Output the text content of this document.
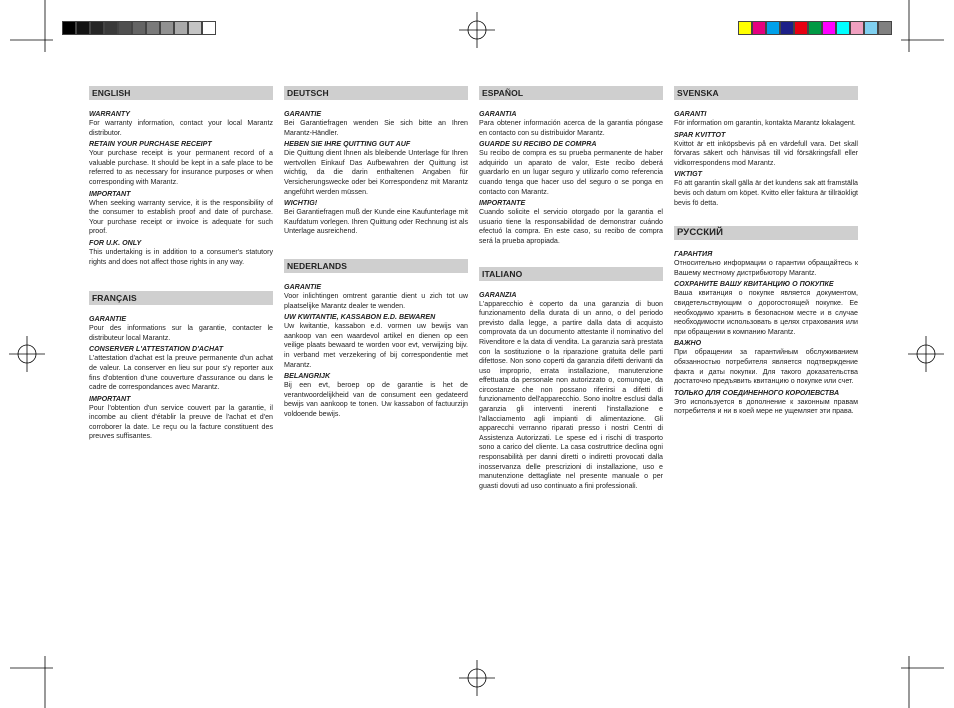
ENGLISH
WARRANTY
For warranty information, contact your local Marantz distributor.
RETAIN YOUR PURCHASE RECEIPT
Your purchase receipt is your permanent record of a valuable purchase. It should be kept in a safe place to be referred to as necessary for insurance purposes or when corresponding with Marantz.
IMPORTANT
When seeking warranty service, it is the responsibility of the consumer to establish proof and date of purchase. Your purchase receipt or invoice is adequate for such proof.
FOR U.K. ONLY
This undertaking is in addition to a consumer's statutory rights and does not affect those rights in any way.
FRANÇAIS
GARANTIE
Pour des informations sur la garantie, contacter le distributeur local Marantz.
CONSERVER L'ATTESTATION D'ACHAT
L'attestation d'achat est la preuve permanente d'un achat de valeur. La conserver en lieu sur pour s'y reporter aux fins d'obtention d'une couverture d'assurance ou dans le cadre de correspondances avec Marantz.
IMPORTANT
Pour l'obtention d'un service couvert par la garantie, il incombe au client d'établir la preuve de l'achat et d'en corroborer la date. Le reçu ou la facture constituent des preuves suffisantes.
DEUTSCH
GARANTIE
Bei Garantiefragen wenden Sie sich bitte an Ihren Marantz-Händler.
HEBEN SIE IHRE QUITTING GUT AUF
Die Quittung dient Ihnen als bleibende Unterlage für Ihren wertvollen Einkauf Das Aufbewahren der Quittung ist wichtig, da die darin enthaltenen Angaben für Versicherungswecke oder bei Korrespondenz mit Marantz angeführt werden müssen.
WICHTIG!
Bei Garantiefragen muß der Kunde eine Kaufunterlage mit Kaufdatum vorlegen. Ihren Quittung oder Rechnung ist als Unterlage ausreichend.
NEDERLANDS
GARANTIE
Voor inlichtingen omtrent garantie dient u zich tot uw plaatselijke Marantz dealer te wenden.
UW KWITANTIE, KASSABON E.D. BEWAREN
Uw kwitantie, kassabon e.d. vormen uw bewijs van aankoop van een waardevol artikel en dienen op een veilige plaats bewaard te worden voor evt, verwijzing bijv. in verband met verzekering of bij correspondentie met Marantz.
BELANGRIJK
Bij een evt, beroep op de garantie is het de verantwoordelijkheid van de consument een gedateerd bewijs van aankoop te tonen. Uw kassabon of factuurzijn voldoende bewijs.
ESPAÑOL
GARANTIA
Para obtener información acerca de la garantia póngase en contacto con su distribuidor Marantz.
GUARDE SU RECIBO DE COMPRA
Su recibo de compra es su prueba permanente de haber adquirido un aparato de valor, Este recibo deberá guardarlo en un lugar seguro y utilizarlo como referencia cuando tenga que hacer uso del seguro o se ponga en contacto con Marantz.
IMPORTANTE
Cuando solicite el servicio otorgado por la garantia el usuario tiene la responsabilidad de demonstrar cuándo efectuó la compra. En este caso, su recibo de compra será la prueba apropiada.
ITALIANO
GARANZIA
L'apparecchio è coperto da una garanzia di buon funzionamento della durata di un anno, o del periodo previsto dalla legge, a partire dalla data di acquisto comprovata da un documento attestante il nominativo del Rivenditore e la data di vendita. La garanzia sarà prestata con la sostituzione o la riparazione gratuita delle parti difettose. Non sono coperti da garanzia difetti derivanti da uso improprio, errata installazione, manutenzione effettuata da personale non autorizzato o, comunque, da circostanze che non possano riferirsi a difetti di funzionamento dell'apparecchio. Sono inoltre esclusi dalla garanzia gli interventi inerenti l'installazione e l'allacciamento agli impianti di alimentazione. Gli apparecchi verranno riparati presso i nostri Centri di Assistenza Autorizzati. Le spese ed i rischi di trasporto sono a carico del cliente. La casa costruttrice declina ogni responsabilità per danni diretti o indiretti provocati dalla inosservanza delle prescrizioni di installazione, uso e manutenzione dettagliate nel presente manuale o per guasti dovuti ad uso continuato a fini professionali.
SVENSKA
GARANTI
För information om garantin, kontakta Marantz lokalagent.
SPAR KVITTOT
Kvittot är ett inköpsbevis på en värdefull vara. Det skall förvaras säkert och hänvisas till vid försäkringsfall eller vidkorrespondens mod Marantz.
VIKTIGT
Fö att garantin skall gälla är det kundens sak att framställa bevis och datum om köpet. Kvitto eller faktura är tillräokligt bevis fö detta.
РУССКИЙ
ГАРАНТИЯ
Относительно информации о гарантии обращайтесь к Вашему местному дистрибьютору Marantz.
СОХРАНИТЕ ВАШУ КВИТАНЦИЮ О ПОКУПКЕ
Ваша квитанция о покупке является документом, свидетельствующим о дорогостоящей покупке. Ее необходимо хранить в безопасном месте и в случае необходимости использовать в целях страхования или при обращении в компанию Marantz.
ВАЖНО
При обращении за гарантийным обслуживанием обязанностью потребителя является подтверждение факта и даты покупки. Для такого доказательства достаточно предъявить квитанцию о покупке или счет.
ТОЛЬКО ДЛЯ СОЕДИНЕННОГО КОРОЛЕВСТВА
Это используется в дополнение к законным правам потребителя и ни в коей мере не ущемляет эти права.
